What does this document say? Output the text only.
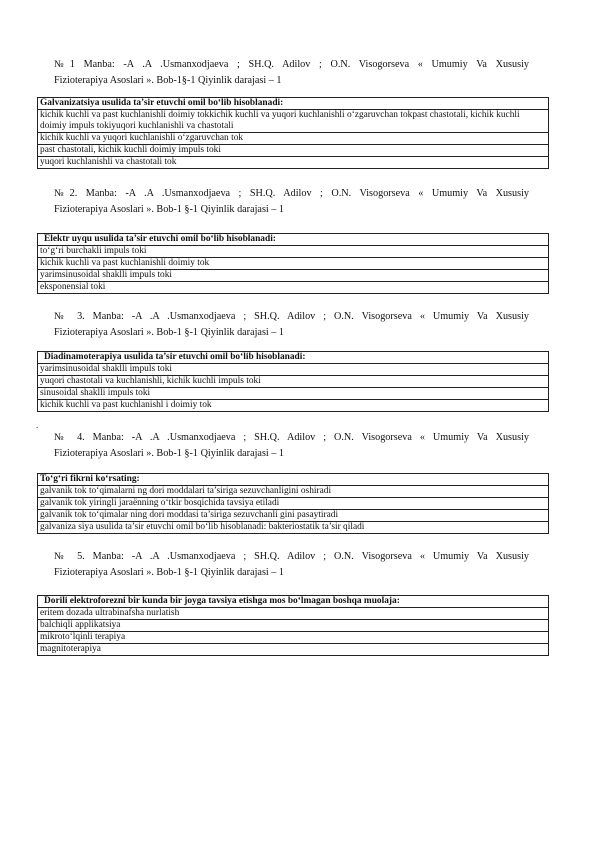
№1 Manba: -A .A .Usmanxodjaeva ; SH.Q. Adilov ; O.N. Visogorseva « Umumiy Va Xususiy
Fizioterapiya Asoslari ». Bob-1§-1 Qiyinlik darajasi – 1
Galvanizatsiya usulida ta’sir etuvchi omil bo‘lib hisoblanadi:
kichik kuchli va past kuchlanishli doimiy tokkichik kuchli va yuqori kuchlanishli o‘zgaruvchan tokpast chastotali, kichik kuchli doimiy impuls tokiyuqori kuchlanishli va chastotali
kichik kuchli va yuqori kuchlanishli o‘zgaruvchan tok
past chastotali, kichik kuchli doimiy impuls toki
yuqori kuchlanishli va chastotali tok
№2. Manba: -A .A .Usmanxodjaeva ; SH.Q. Adilov ; O.N. Visogorseva « Umumiy Va Xususiy
Fizioterapiya Asoslari ». Bob-1 §-1 Qiyinlik darajasi – 1
Elektr uyqu usulida ta’sir etuvchi omil bo‘lib hisoblanadi:
to‘g‘ri burchakli impuls toki
kichik kuchli va past kuchlanishli doimiy tok
yarimsinusoidal shaklli impuls toki
eksponensial toki
№ 3. Manba: -A .A .Usmanxodjaeva ; SH.Q. Adilov ; O.N. Visogorseva « Umumiy Va Xususiy
Fizioterapiya Asoslari ». Bob-1 §-1 Qiyinlik darajasi – 1
Diadinamoterapiya usulida ta’sir etuvchi omil bo‘lib hisoblanadi:
yarimsinusoidal shaklli impuls toki
yuqori chastotali va kuchlanishli, kichik kuchli impuls toki
sinusoidal shaklli impuls toki
kichik kuchli va past kuchlanishl i doimiy tok
.
№ 4. Manba: -A .A .Usmanxodjaeva ; SH.Q. Adilov ; O.N. Visogorseva « Umumiy Va Xususiy
Fizioterapiya Asoslari ». Bob-1 §-1 Qiyinlik darajasi – 1
To‘g‘ri fikrni ko‘rsating:
galvanik tok to‘qimalarni ng dori moddalari ta’siriga sezuvchanligini oshiradi
galvanik tok yiringli jaraёnning o‘tkir bosqichida tavsiya etiladi
galvanik tok to‘qimalar ning dori moddasi ta’siriga sezuvchanli gini pasaytiradi
galvaniza siya usulida ta’sir etuvchi omil bo‘lib hisoblanadi: bakteriostatik ta’sir qiladi
№ 5. Manba: -A .A .Usmanxodjaeva ; SH.Q. Adilov ; O.N. Visogorseva « Umumiy Va Xususiy
Fizioterapiya Asoslari ». Bob-1 §-1 Qiyinlik darajasi – 1
Dorili elektroforezni bir kunda bir joyga tavsiya etishga mos bo‘lmagan boshqa muolaja:
eritem dozada ultrabinafsha nurlatish
balchiqli applikatsiya
mikroto‘lqinli terapiya
magnitoterapiya
